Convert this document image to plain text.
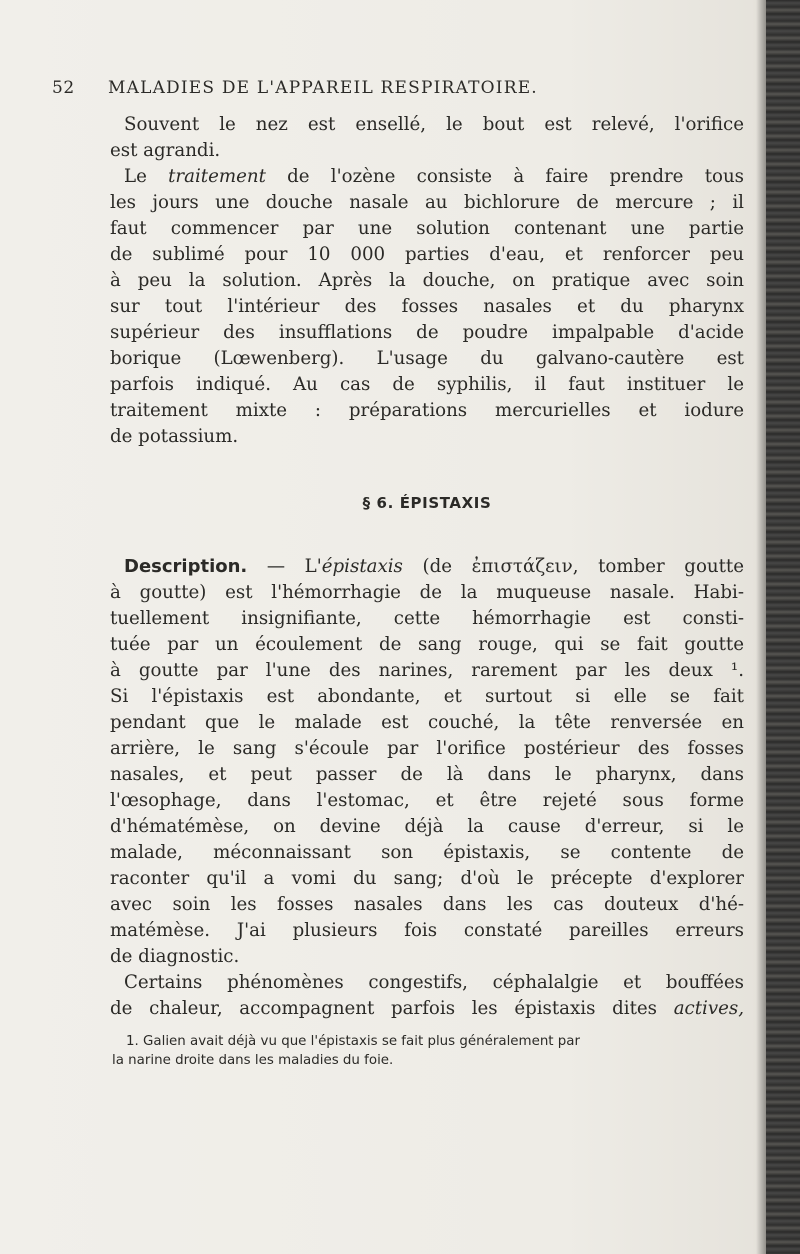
52 MALADIES DE L'APPAREIL RESPIRATOIRE.

Souvent le nez est ensellé, le bout est relevé, l'orifice
est agrandi.

Le traitement de l'ozène consiste à faire prendre tous
les jours une douche nasale au bichlorure de mercure ; il
faut commencer par une solution contenant une partie
de sublimé pour 10 000 parties d'eau, et renforcer peu
à peu la solution. Après la douche, on pratique avec soin
sur tout l'intérieur des fosses nasales et du pharynx
supérieur des insufflations de poudre impalpable d'acide
borique (Lœwenberg). L'usage du galvano-cautère est
parfois indiqué. Au cas de syphilis, il faut instituer le
traitement mixte : préparations mercurielles et iodure
de potassium.

§ 6. ÉPISTAXIS

Description. — L'épistaxis (de ἐπιστάζειν, tomber goutte
à goutte) est l'hémorrhagie de la muqueuse nasale. Habi-
tuellement insignifiante, cette hémorrhagie est consti-
tuée par un écoulement de sang rouge, qui se fait goutte
à goutte par l'une des narines, rarement par les deux ¹.
Si l'épistaxis est abondante, et surtout si elle se fait
pendant que le malade est couché, la tête renversée en
arrière, le sang s'écoule par l'orifice postérieur des fosses
nasales, et peut passer de là dans le pharynx, dans
l'œsophage, dans l'estomac, et être rejeté sous forme
d'hématémèse, on devine déjà la cause d'erreur, si le
malade, méconnaissant son épistaxis, se contente de
raconter qu'il a vomi du sang; d'où le précepte d'explorer
avec soin les fosses nasales dans les cas douteux d'hé-
matémèse. J'ai plusieurs fois constaté pareilles erreurs
de diagnostic.

Certains phénomènes congestifs, céphalalgie et bouffées
de chaleur, accompagnent parfois les épistaxis dites actives,

1. Galien avait déjà vu que l'épistaxis se fait plus généralement par
la narine droite dans les maladies du foie.
